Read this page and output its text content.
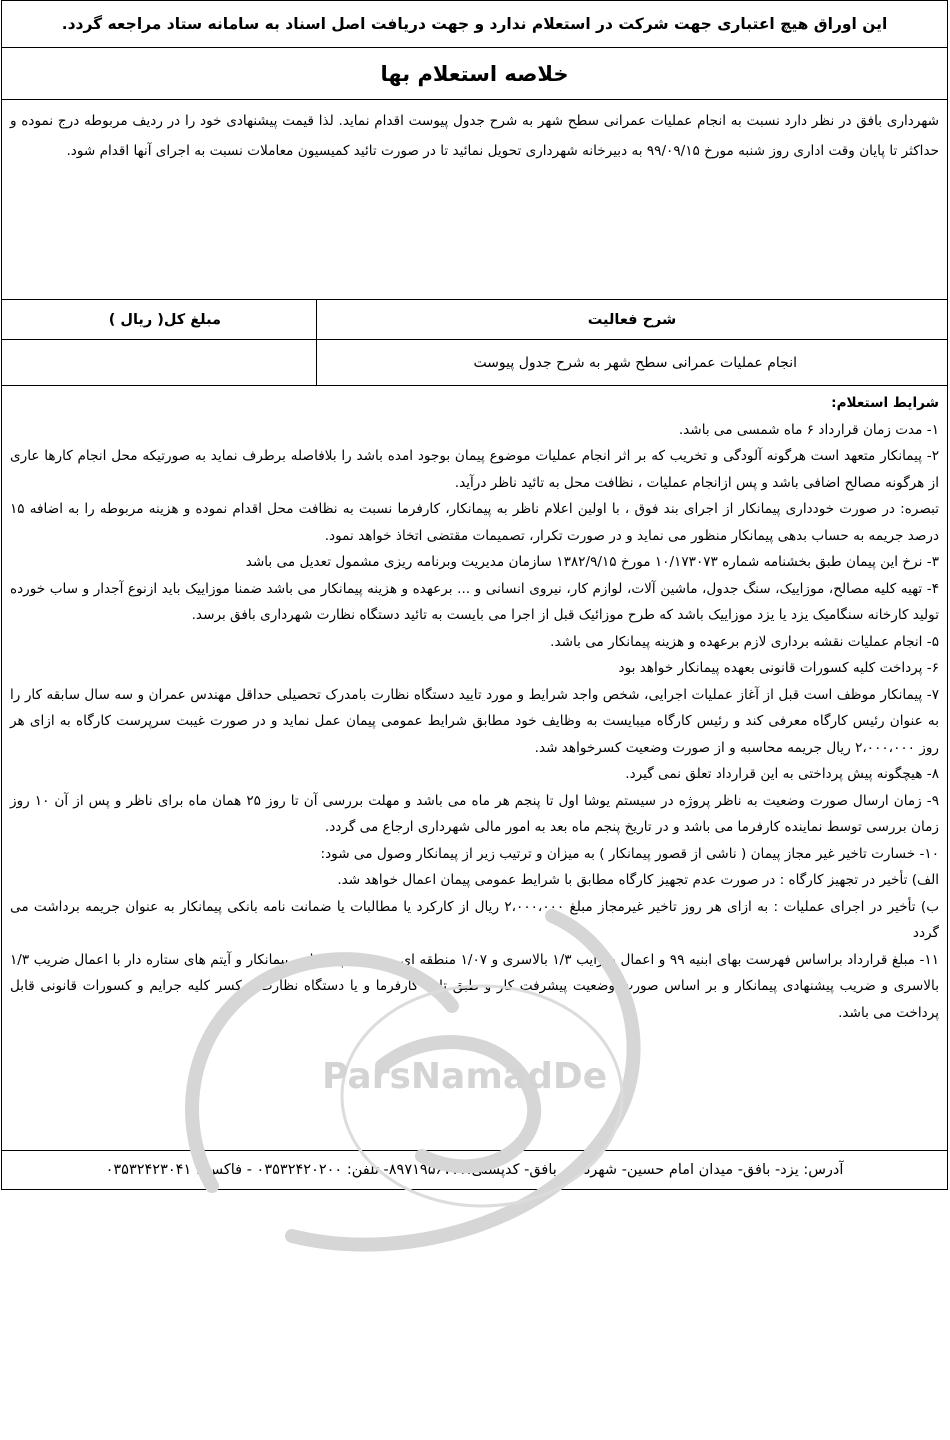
این اوراق هیچ اعتباری جهت شرکت در استعلام ندارد و جهت دریافت اصل اسناد به سامانه ستاد مراجعه گردد.
خلاصه استعلام بها
شهرداری بافق در نظر دارد نسبت به انجام عملیات عمرانی سطح شهر به شرح جدول پیوست اقدام نماید. لذا قیمت پیشنهادی خود را در ردیف مربوطه درج نموده و حداکثر تا پایان وقت اداری روز شنبه مورخ ۹۹/۰۹/۱۵ به دبیرخانه شهرداری تحویل نمائید تا در صورت تائید کمیسیون معاملات نسبت به اجرای آنها اقدام شود.
شرح فعالیت
مبلغ کل( ریال )
انجام عملیات عمرانی سطح شهر به شرح جدول پیوست
ParsNamadDe

شرایط استعلام:

۱- مدت زمان قرارداد ۶ ماه شمسی می باشد.

۲- پیمانکار متعهد است هرگونه آلودگی و تخریب که بر اثر انجام عملیات موضوع پیمان بوجود امده باشد را بلافاصله برطرف نماید به صورتیکه محل انجام کارها عاری از هرگونه مصالح اضافی باشد و پس ازانجام عملیات ، نظافت محل به تائید ناظر درآید.

تبصره: در صورت خودداری پیمانکار از اجرای بند فوق ، با اولین اعلام ناظر به پیمانکار، کارفرما نسبت به نظافت محل اقدام نموده و هزینه مربوطه را به اضافه ۱۵ درصد جریمه به حساب بدهی پیمانکار منظور می نماید و در صورت تکرار، تصمیمات مقتضی اتخاذ خواهد نمود.

۳- نرخ این پیمان طبق بخشنامه شماره ۱۰/۱۷۳۰۷۳ مورخ ۱۳۸۲/۹/۱۵ سازمان مدیریت وبرنامه ریزی مشمول تعدیل می باشد

۴- تهیه کلیه مصالح، موزاییک، سنگ جدول، ماشین آلات، لوازم کار، نیروی انسانی و ... برعهده و هزینه پیمانکار می باشد ضمنا موزاییک باید ازنوع آجدار و ساب خورده تولید کارخانه سنگامیک یزد یا یزد موزاییک باشد که طرح موزائیک قبل از اجرا می بایست به تائید دستگاه نظارت شهرداری بافق برسد.

۵- انجام عملیات نقشه برداری لازم برعهده و هزینه پیمانکار می باشد.

۶- پرداخت کلیه کسورات قانونی بعهده پیمانکار خواهد بود

۷- پیمانکار موظف است قبل از آغاز عملیات اجرایی، شخص واجد شرایط و مورد تایید دستگاه نظارت بامدرک تحصیلی حداقل مهندس عمران و سه سال سابقه کار را به عنوان رئیس کارگاه معرفی کند و رئیس کارگاه میبایست به وظایف خود مطابق شرایط عمومی پیمان عمل نماید و در صورت غیبت سرپرست کارگاه به ازای هر روز ۲،۰۰۰،۰۰۰ ریال جریمه محاسبه و از صورت وضعیت کسرخواهد شد.

۸- هیچگونه پیش پرداختی به این قرارداد تعلق نمی گیرد.

۹- زمان ارسال صورت وضعیت به ناظر پروژه در سیستم یوشا اول تا پنجم هر ماه می باشد و مهلت بررسی آن تا روز ۲۵ همان ماه برای ناظر و پس از آن ۱۰ روز زمان بررسی توسط نماینده کارفرما می باشد و در تاریخ پنجم ماه بعد به امور مالی شهرداری ارجاع می گردد.

۱۰- خسارت تاخیر غیر مجاز پیمان ( ناشی از قصور پیمانکار ) به میزان و ترتیب زیر از پیمانکار وصول می شود:

الف) تأخیر در تجهیز کارگاه : در صورت عدم تجهیز کارگاه مطابق با شرایط عمومی پیمان اعمال خواهد شد.

ب) تأخیر در اجرای عملیات : به ازای هر روز تاخیر غیرمجاز مبلغ ۲،۰۰۰،۰۰۰ ریال از کارکرد یا مطالبات یا ضمانت نامه بانکی پیمانکار به عنوان جریمه برداشت می گردد

۱۱- مبلغ قرارداد براساس فهرست بهای ابنیه ۹۹ و اعمال ضرایب ۱/۳ بالاسری و ۱/۰۷ منطقه ای و ضریب پیشنهادی پیمانکار و آیتم های ستاره دار با اعمال ضریب ۱/۳ بالاسری و ضریب پیشنهادی پیمانکار و بر اساس صورت وضعیت پیشرفت کار و طبق تایید کارفرما و یا دستگاه نظارت و کسر کلیه جرایم و کسورات قانونی قابل پرداخت می باشد.

آدرس: یزد- بافق- میدان امام حسین- شهرداری بافق- کدپستی:۸۹۷۱۹۵۶۷۷۷- تلفن: ۰۳۵۳۲۴۲۰۲۰۰ - فاکس : ۰۳۵۳۲۴۲۳۰۴۱
